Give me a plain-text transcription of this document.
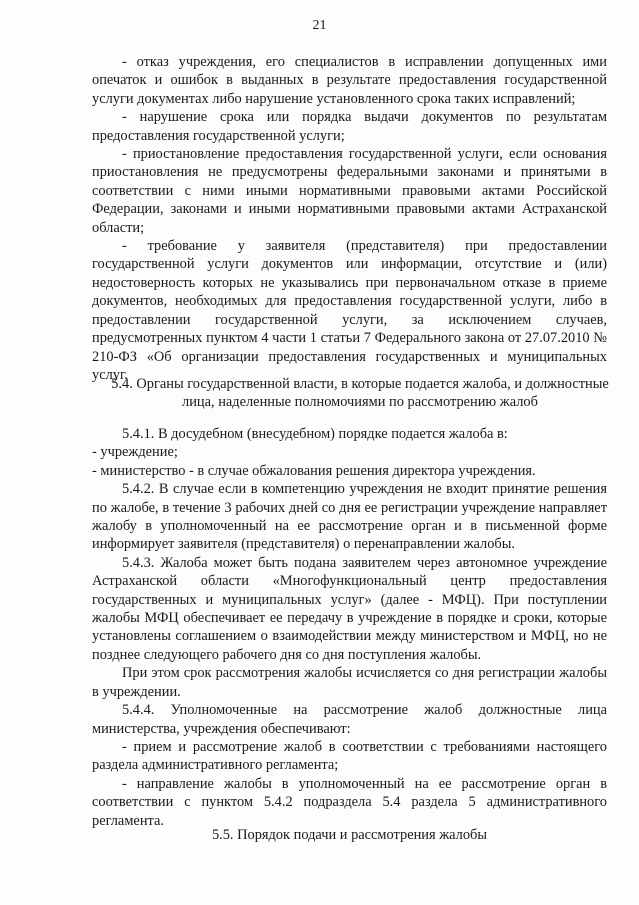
21

- отказ учреждения, его специалистов в исправлении допущенных ими опечаток и ошибок в выданных в результате предоставления государственной услуги документах либо нарушение установленного срока таких исправлений;

- нарушение срока или порядка выдачи документов по результатам предоставления государственной услуги;

- приостановление предоставления государственной услуги, если основания приостановления не предусмотрены федеральными законами и принятыми в соответствии с ними иными нормативными правовыми актами Российской Федерации, законами и иными нормативными правовыми актами Астраханской области;

- требование у заявителя (представителя) при предоставлении государственной услуги документов или информации, отсутствие и (или) недостоверность которых не указывались при первоначальном отказе в приеме документов, необходимых для предоставления государственной услуги, либо в предоставлении государственной услуги, за исключением случаев, предусмотренных пунктом 4 части 1 статьи 7 Федерального закона от 27.07.2010 № 210-ФЗ «Об организации предоставления государственных и муниципальных услуг.

5.4. Органы государственной власти, в которые подается жалоба, и должностные лица, наделенные полномочиями по рассмотрению жалоб

5.4.1. В досудебном (внесудебном) порядке подается жалоба в:

- учреждение;

- министерство - в случае обжалования решения директора учреждения.

5.4.2. В случае если в компетенцию учреждения не входит принятие решения по жалобе, в течение 3 рабочих дней со дня ее регистрации учреждение направляет жалобу в уполномоченный на ее рассмотрение орган и в письменной форме информирует заявителя (представителя) о перенаправлении жалобы.

5.4.3. Жалоба может быть подана заявителем через автономное учреждение Астраханской области «Многофункциональный центр предоставления государственных и муниципальных услуг» (далее - МФЦ). При поступлении жалобы МФЦ обеспечивает ее передачу в учреждение в порядке и сроки, которые установлены соглашением о взаимодействии между министерством и МФЦ, но не позднее следующего рабочего дня со дня поступления жалобы.

При этом срок рассмотрения жалобы исчисляется со дня регистрации жалобы в учреждении.

5.4.4. Уполномоченные на рассмотрение жалоб должностные лица министерства, учреждения обеспечивают:

- прием и рассмотрение жалоб в соответствии с требованиями настоящего раздела административного регламента;

- направление жалобы в уполномоченный на ее рассмотрение орган в соответствии с пунктом 5.4.2 подраздела 5.4 раздела 5 административного регламента.

5.5. Порядок подачи и рассмотрения жалобы
